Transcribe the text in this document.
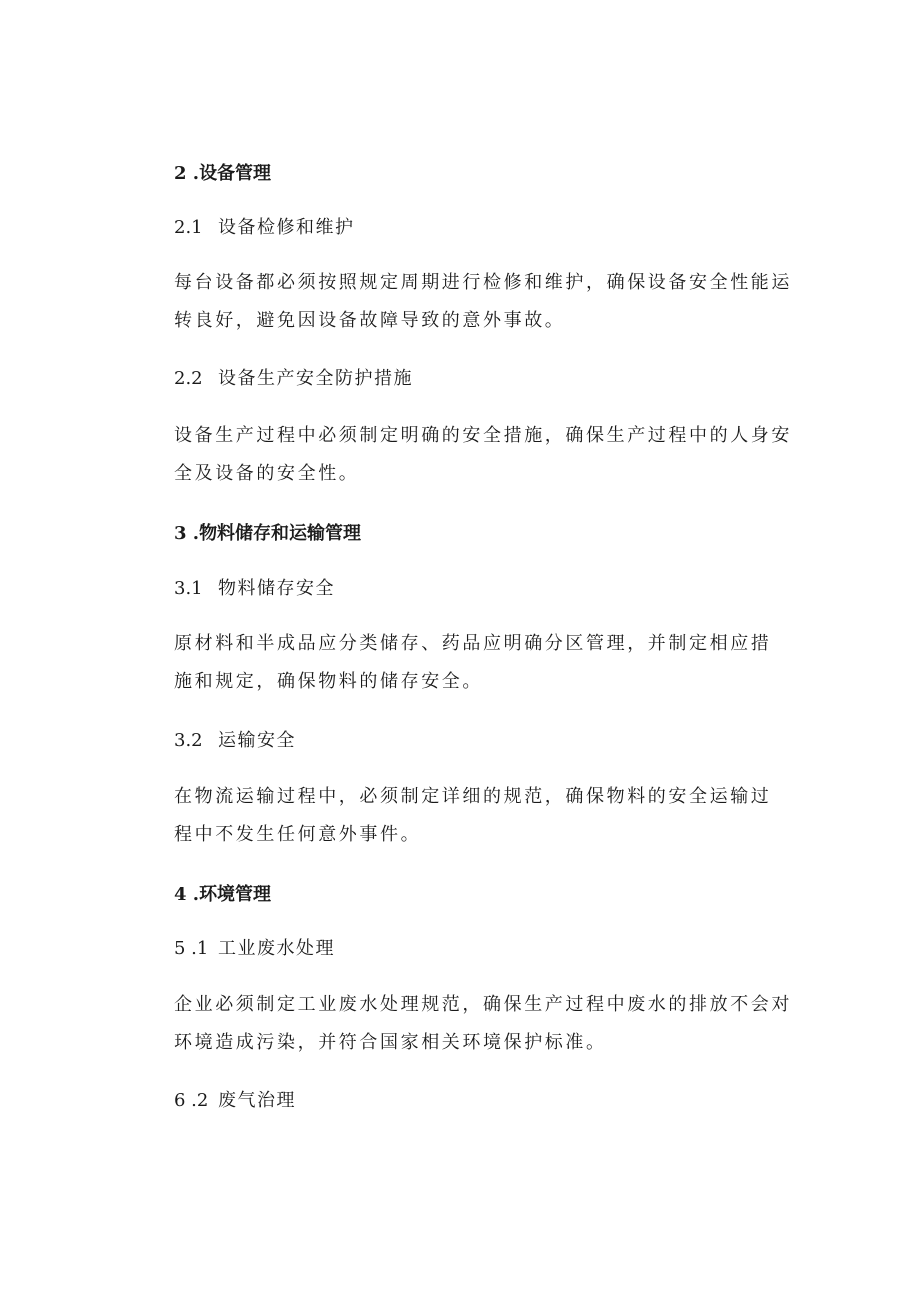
2 .设备管理

2.1 设备检修和维护

每台设备都必须按照规定周期进行检修和维护，确保设备安全性能运
转良好，避免因设备故障导致的意外事故。

2.2 设备生产安全防护措施

设备生产过程中必须制定明确的安全措施，确保生产过程中的人身安
全及设备的安全性。

3 .物料储存和运输管理

3.1 物料储存安全

原材料和半成品应分类储存、药品应明确分区管理，并制定相应措
施和规定，确保物料的储存安全。

3.2 运输安全

在物流运输过程中，必须制定详细的规范，确保物料的安全运输过
程中不发生任何意外事件。

4 .环境管理

5 .1 工业废水处理

企业必须制定工业废水处理规范，确保生产过程中废水的排放不会对
环境造成污染，并符合国家相关环境保护标准。

6 .2 废气治理
